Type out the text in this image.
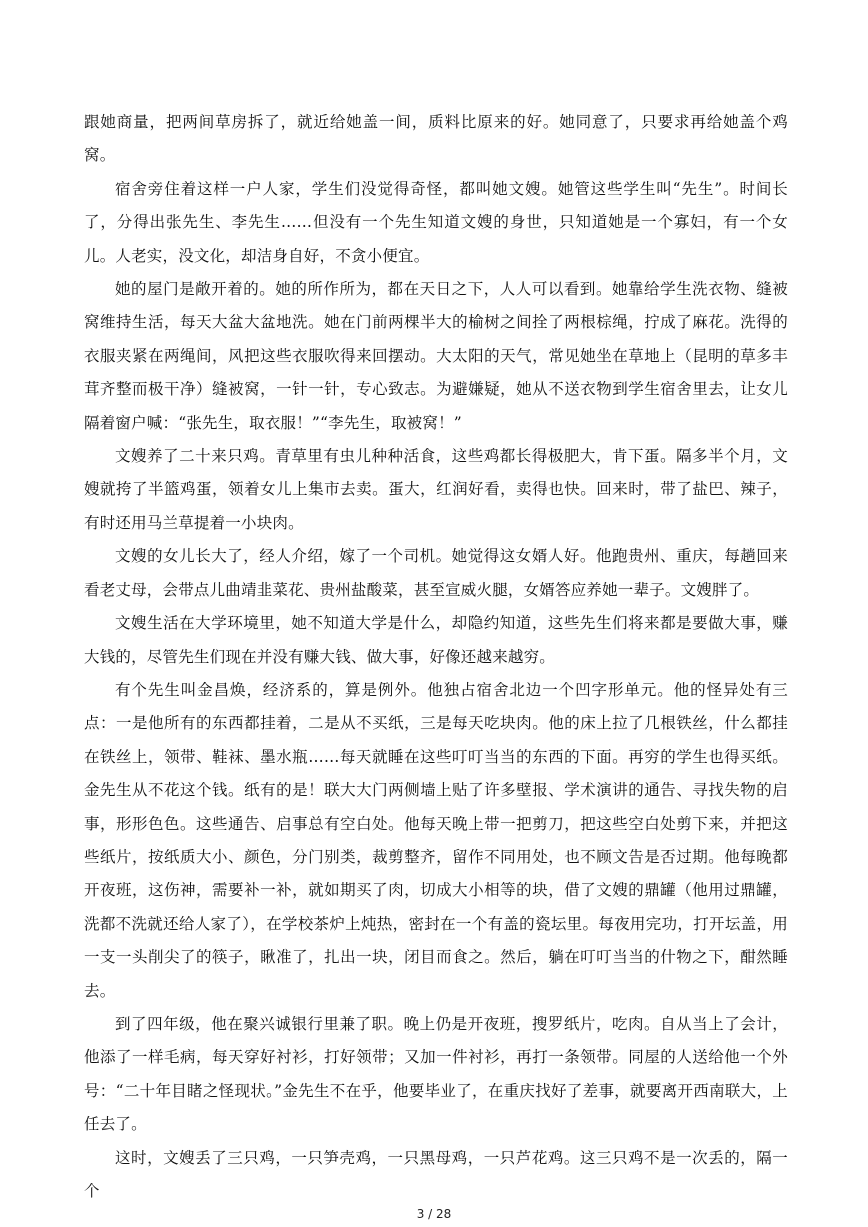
跟她商量，把两间草房拆了，就近给她盖一间，质料比原来的好。她同意了，只要求再给她盖个鸡窝。

宿舍旁住着这样一户人家，学生们没觉得奇怪，都叫她文嫂。她管这些学生叫“先生”。时间长了，分得出张先生、李先生……但没有一个先生知道文嫂的身世，只知道她是一个寡妇，有一个女儿。人老实，没文化，却洁身自好，不贪小便宜。

她的屋门是敞开着的。她的所作所为，都在天日之下，人人可以看到。她靠给学生洗衣物、缝被窝维持生活，每天大盆大盆地洗。她在门前两棵半大的榆树之间拴了两根棕绳，拧成了麻花。洗得的衣服夹紧在两绳间，风把这些衣服吹得来回摆动。大太阳的天气，常见她坐在草地上（昆明的草多丰茸齐整而极干净）缝被窝，一针一针，专心致志。为避嫌疑，她从不送衣物到学生宿舍里去，让女儿隔着窗户喊：“张先生，取衣服！”“李先生，取被窝！”

文嫂养了二十来只鸡。青草里有虫儿种种活食，这些鸡都长得极肥大，肯下蛋。隔多半个月，文嫂就挎了半篮鸡蛋，领着女儿上集市去卖。蛋大，红润好看，卖得也快。回来时，带了盐巴、辣子，有时还用马兰草提着一小块肉。

文嫂的女儿长大了，经人介绍，嫁了一个司机。她觉得这女婿人好。他跑贵州、重庆，每趟回来看老丈母，会带点儿曲靖韭菜花、贵州盐酸菜，甚至宣威火腿，女婿答应养她一辈子。文嫂胖了。

文嫂生活在大学环境里，她不知道大学是什么，却隐约知道，这些先生们将来都是要做大事，赚大钱的，尽管先生们现在并没有赚大钱、做大事，好像还越来越穷。

有个先生叫金昌焕，经济系的，算是例外。他独占宿舍北边一个凹字形单元。他的怪异处有三点：一是他所有的东西都挂着，二是从不买纸，三是每天吃块肉。他的床上拉了几根铁丝，什么都挂在铁丝上，领带、鞋袜、墨水瓶……每天就睡在这些叮叮当当的东西的下面。再穷的学生也得买纸。金先生从不花这个钱。纸有的是！联大大门两侧墙上贴了许多壁报、学术演讲的通告、寻找失物的启事，形形色色。这些通告、启事总有空白处。他每天晚上带一把剪刀，把这些空白处剪下来，并把这些纸片，按纸质大小、颜色，分门别类，裁剪整齐，留作不同用处，也不顾文告是否过期。他每晚都开夜班，这伤神，需要补一补，就如期买了肉，切成大小相等的块，借了文嫂的鼎罐（他用过鼎罐，洗都不洗就还给人家了），在学校茶炉上炖热，密封在一个有盖的瓷坛里。每夜用完功，打开坛盖，用一支一头削尖了的筷子，瞅准了，扎出一块，闭目而食之。然后，躺在叮叮当当的什物之下，酣然睡去。

到了四年级，他在聚兴诚银行里兼了职。晚上仍是开夜班，搜罗纸片，吃肉。自从当上了会计，他添了一样毛病，每天穿好衬衫，打好领带；又加一件衬衫，再打一条领带。同屋的人送给他一个外号：“二十年目睹之怪现状。”金先生不在乎，他要毕业了，在重庆找好了差事，就要离开西南联大，上任去了。

这时，文嫂丢了三只鸡，一只笋壳鸡，一只黑母鸡，一只芦花鸡。这三只鸡不是一次丢的，隔一个

3 / 28
